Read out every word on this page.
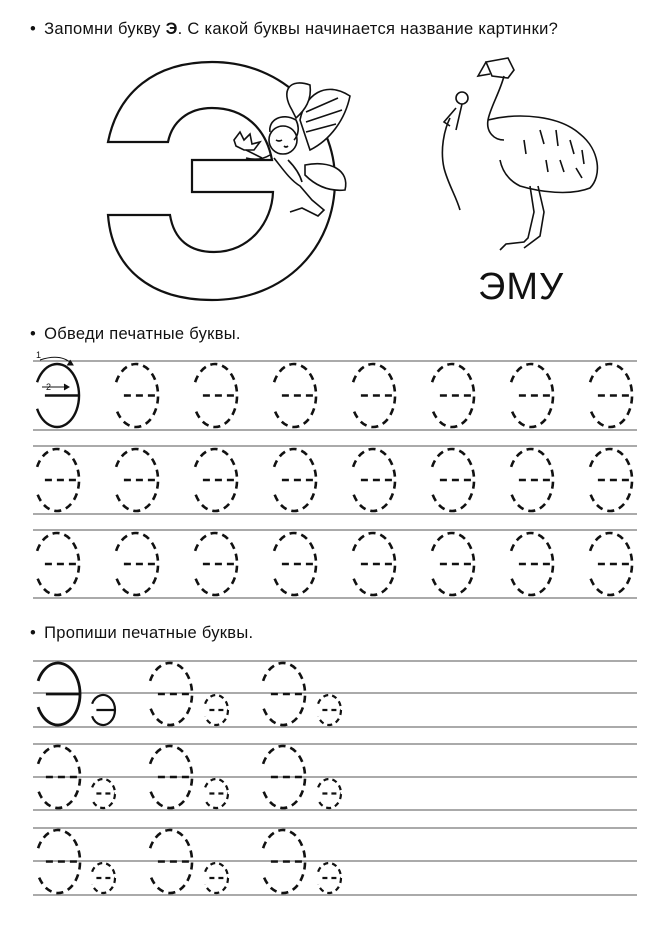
• Запомни букву Э. С какой буквы начинается название картинки?
• Обведи печатные буквы.
• Пропиши печатные буквы.
ЭМУ
1
2
